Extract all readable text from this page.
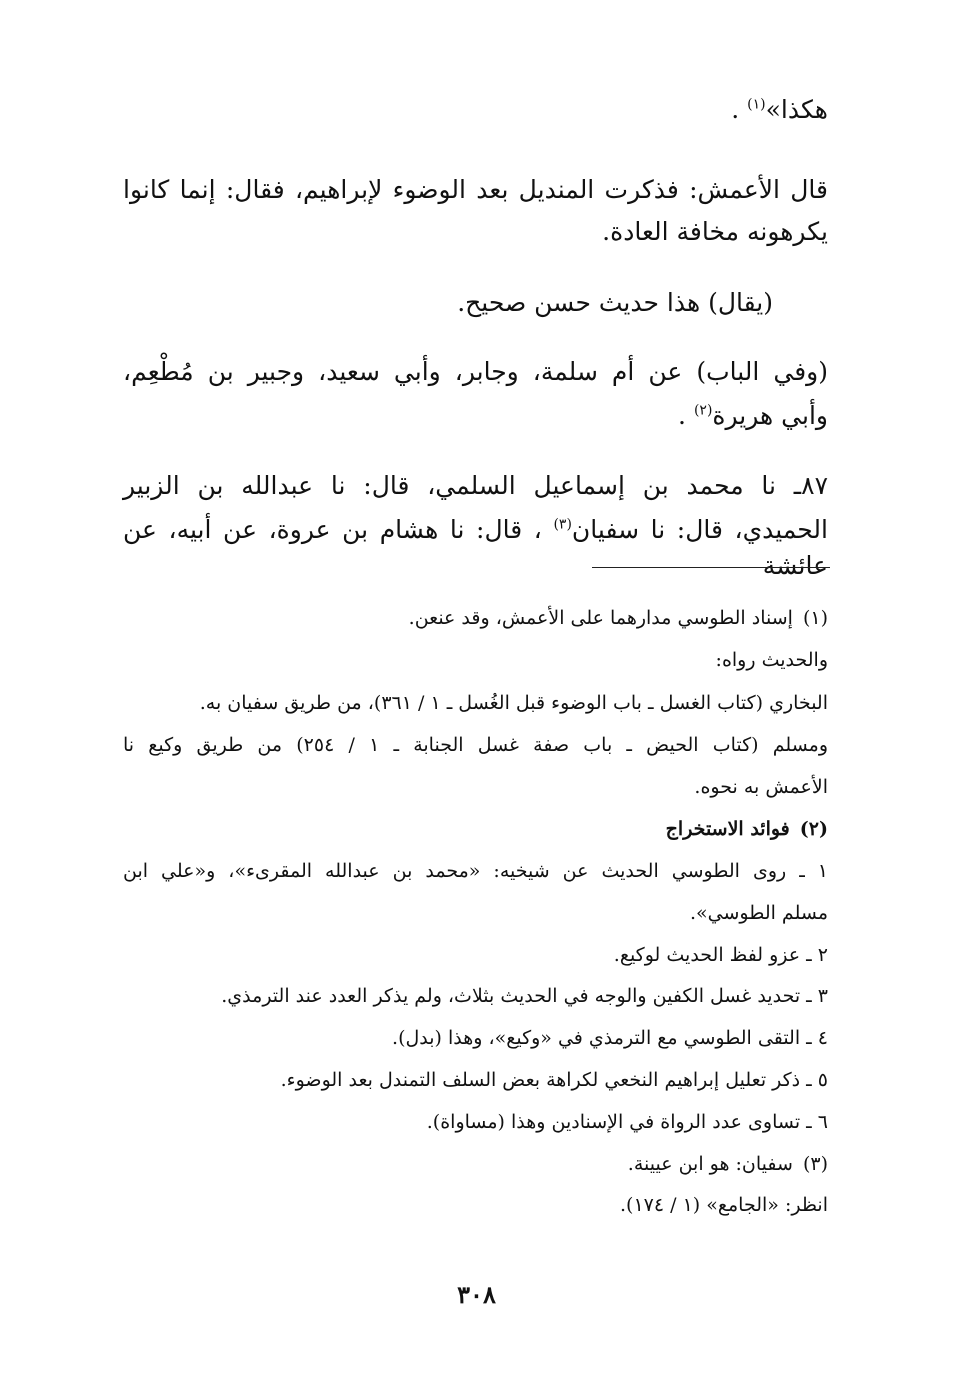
هكذا»$^{(١)}$ .
قال الأعمش: فذكرت المنديل بعد الوضوء لإبراهيم، فقال: إنما كانوا
يكرهونه مخافة العادة.
(يقال) هذا حديث حسن صحيح.
(وفي الباب) عن أم سلمة، وجابر، وأبي سعيد، وجبير بن مُطْعِم،
وأبي هريرة$^{(٢)}$ .
٨٧ـ نا محمد بن إسماعيل السلمي، قال: نا عبدالله بن الزبير
الحميدي، قال: نا سفيان$^{(٣)}$ ، قال: نا هشام بن عروة، عن أبيه، عن عائشة
(١)إسناد الطوسي مدارهما على الأعمش، وقد عنعن.
والحديث رواه:
البخاري (كتاب الغسل ـ باب الوضوء قبل الغُسل ـ ١ / ٣٦١)، من طريق سفيان به.
ومسلم (كتاب الحيض ـ باب صفة غسل الجنابة ـ ١ / ٢٥٤) من طريق وكيع نا
الأعمش به نحوه.
(٢)فوائد الاستخراج
١ ـ روى الطوسي الحديث عن شيخيه: «محمد بن عبدالله المقرىء»، و«علي ابن
مسلم الطوسي».
٢ ـ عزو لفظ الحديث لوكيع.
٣ ـ تحديد غسل الكفين والوجه في الحديث بثلاث، ولم يذكر العدد عند الترمذي.
٤ ـ التقى الطوسي مع الترمذي في «وكيع»، وهذا (بدل).
٥ ـ ذكر تعليل إبراهيم النخعي لكراهة بعض السلف التمندل بعد الوضوء.
٦ ـ تساوى عدد الرواة في الإسنادين وهذا (مساواة).
(٣)سفيان: هو ابن عيينة.
انظر: «الجامع» (١ / ١٧٤).
٣٠٨
